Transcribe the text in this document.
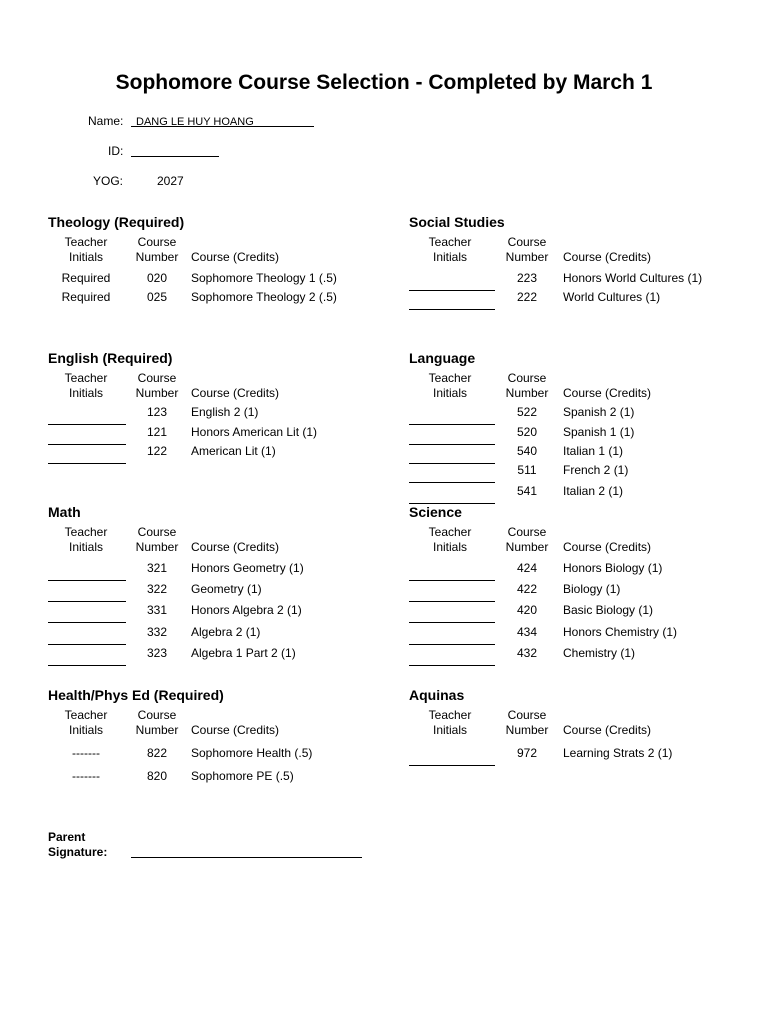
Sophomore Course Selection - Completed by March 1
Name: DANG LE HUY HOANG
ID:
YOG:	2027
Theology (Required)
Teacher
Initials
Course
Number	Course (Credits)
Required	020	Sophomore Theology 1 (.5)
Required	025	Sophomore Theology 2 (.5)
Social Studies
Teacher
Initials
Course
Number	Course (Credits)
223	Honors World Cultures (1)
222	World Cultures (1)
English (Required)
Teacher
Initials
Course
Number	Course (Credits)
123	English 2 (1)
121	Honors American Lit (1)
122	American Lit (1)
Language
Teacher
Initials
Course
Number	Course (Credits)
522	Spanish 2 (1)
520	Spanish 1 (1)
540	Italian 1 (1)
511	French 2 (1)
541	Italian 2 (1)
Math
Teacher
Initials
Course
Number	Course (Credits)
321	Honors Geometry (1)
322	Geometry (1)
331	Honors Algebra 2 (1)
332	Algebra 2 (1)
323	Algebra 1 Part 2 (1)
Science
Teacher
Initials
Course
Number	Course (Credits)
424	Honors Biology (1)
422	Biology (1)
420	Basic Biology (1)
434	Honors Chemistry (1)
432	Chemistry (1)
Health/Phys Ed (Required)
Teacher
Initials
Course
Number	Course (Credits)
-------	822	Sophomore Health (.5)
-------	820	Sophomore PE (.5)
Aquinas
Teacher
Initials
Course
Number	Course (Credits)
972	Learning Strats 2 (1)
Parent
Signature:
